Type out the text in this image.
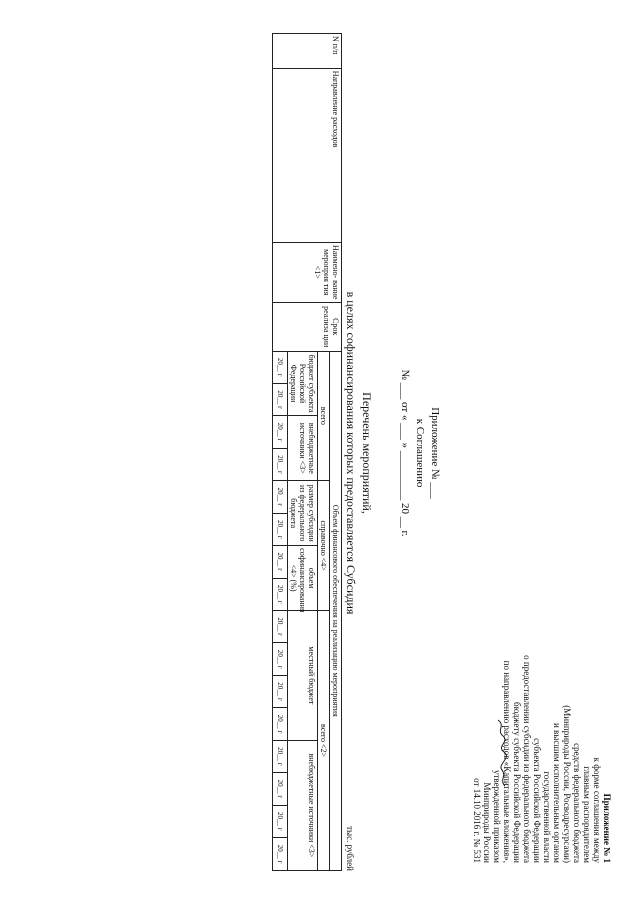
Приложение № 1
к форме соглашения между
главным распорядителем
средств федерального бюджета
(Минприроды России, Росводресурсами)
и высшим исполнительным органом
государственной власти
субъекта Российской Федерации
о предоставлении субсидии из федерального бюджета
бюджету субъекта Российской Федерации
по направлению расходов «Капитальные вложения»,
утвержденной приказом
Минприроды России
от 14.10 2016 г. № 531
Приложение № ___
к Соглашению
№ ___ от « ___ » _________ 20 __ г.
Перечень мероприятий,
в целях софинансирования которых предоставляется Субсидия
тыс. рублей
N п/п	Направление расходов	Наимено- вание мероприя тия <1>	Срок реализа ции	Объем финансового обеспечения на реализацию мероприятия															
				всего				справочно <4>				всего <2>							
				бюджет субъекта Российской Федерации		внебюджетные источники <3>		размер субсидии из федерального бюджета		объем софинансирования <4> (%)		местный бюджет				внебюджетные источники <3>			
				20__ г	20__ г	20__ г	20__ г	20__ г	20__ г	20__ г	20__ г	20__ г	20__ г	20__ г	20__ г	20__ г	20__ г	20__ г	20__ г
